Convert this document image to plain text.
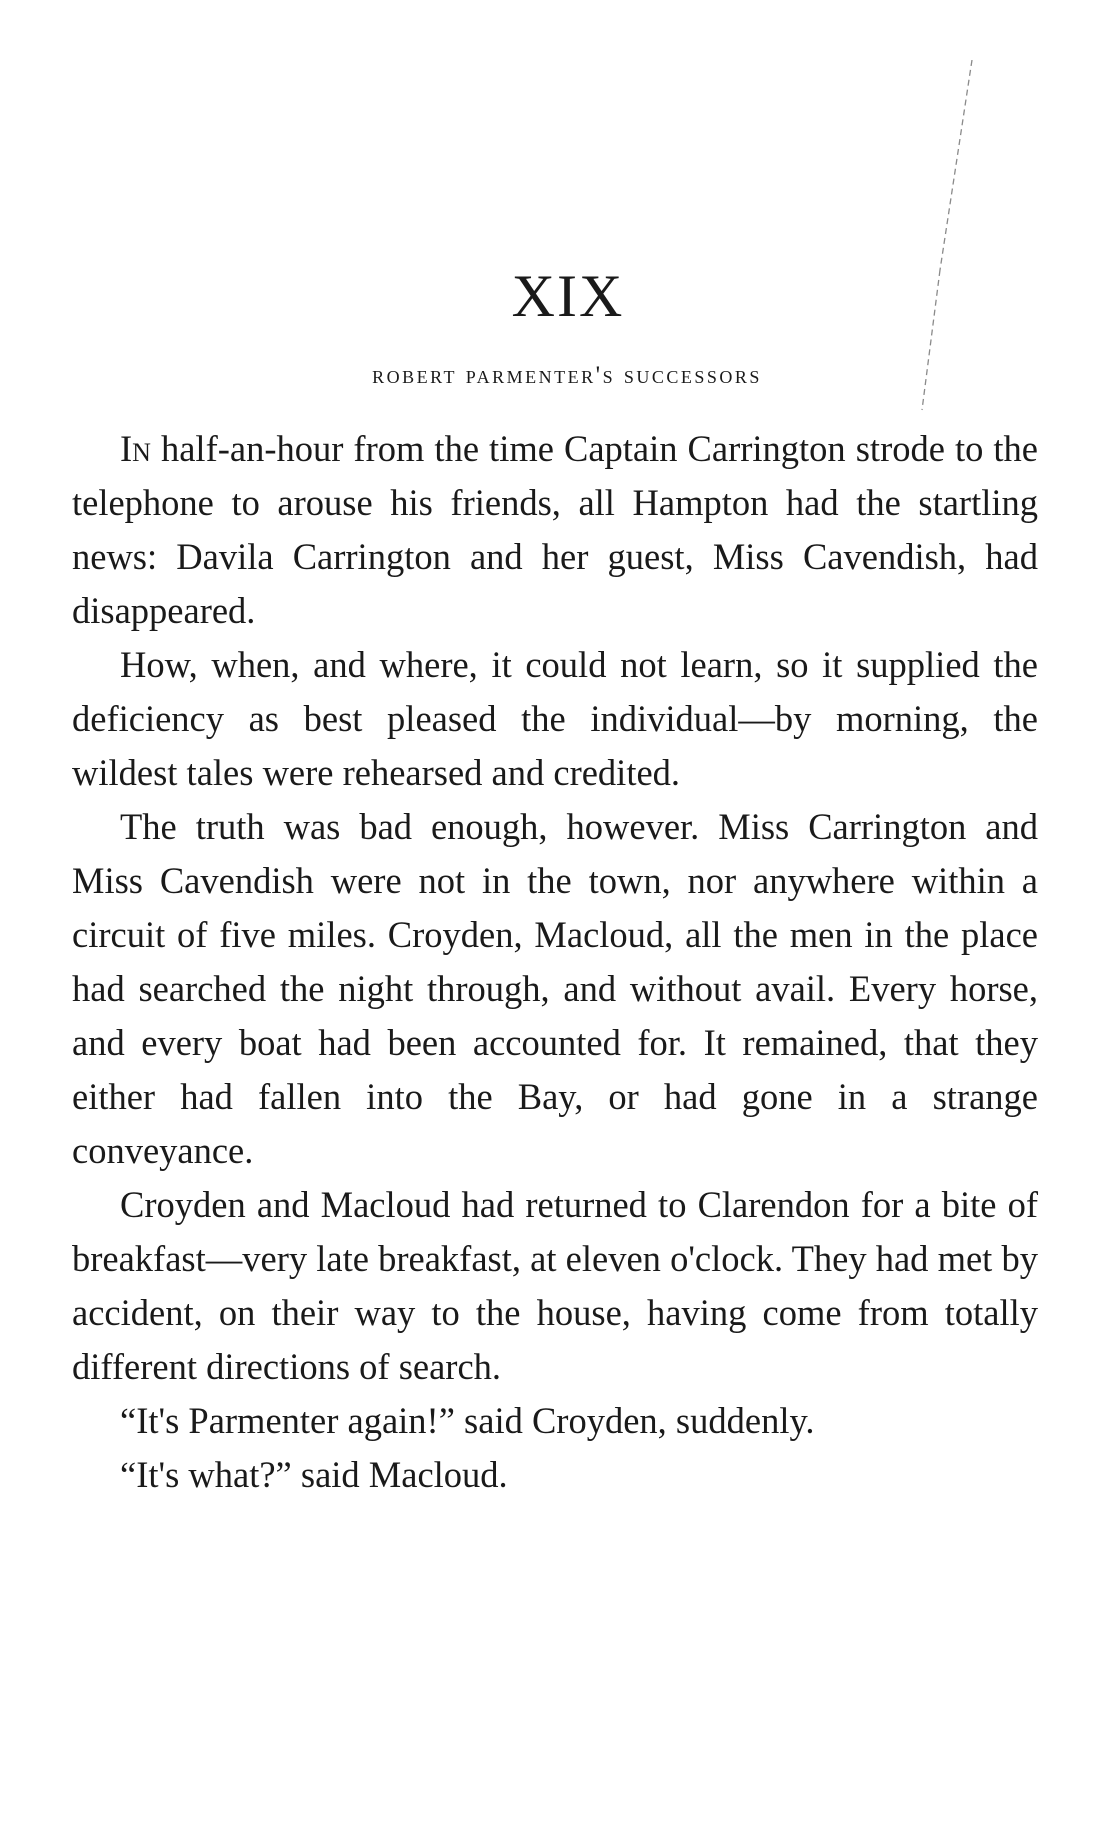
XIX
robert parmenter's successors

In half-an-hour from the time Captain Carrington strode to the telephone to arouse his friends, all Hampton had the startling news: Davila Carrington and her guest, Miss Cavendish, had disappeared.

How, when, and where, it could not learn, so it supplied the deficiency as best pleased the individual—by morning, the wildest tales were rehearsed and credited.

The truth was bad enough, however. Miss Carrington and Miss Cavendish were not in the town, nor anywhere within a circuit of five miles. Croyden, Macloud, all the men in the place had searched the night through, and without avail. Every horse, and every boat had been accounted for. It remained, that they either had fallen into the Bay, or had gone in a strange conveyance.

Croyden and Macloud had returned to Clarendon for a bite of breakfast—very late breakfast, at eleven o'clock. They had met by accident, on their way to the house, having come from totally different directions of search.

“It's Parmenter again!” said Croyden, suddenly.

“It's what?” said Macloud.
